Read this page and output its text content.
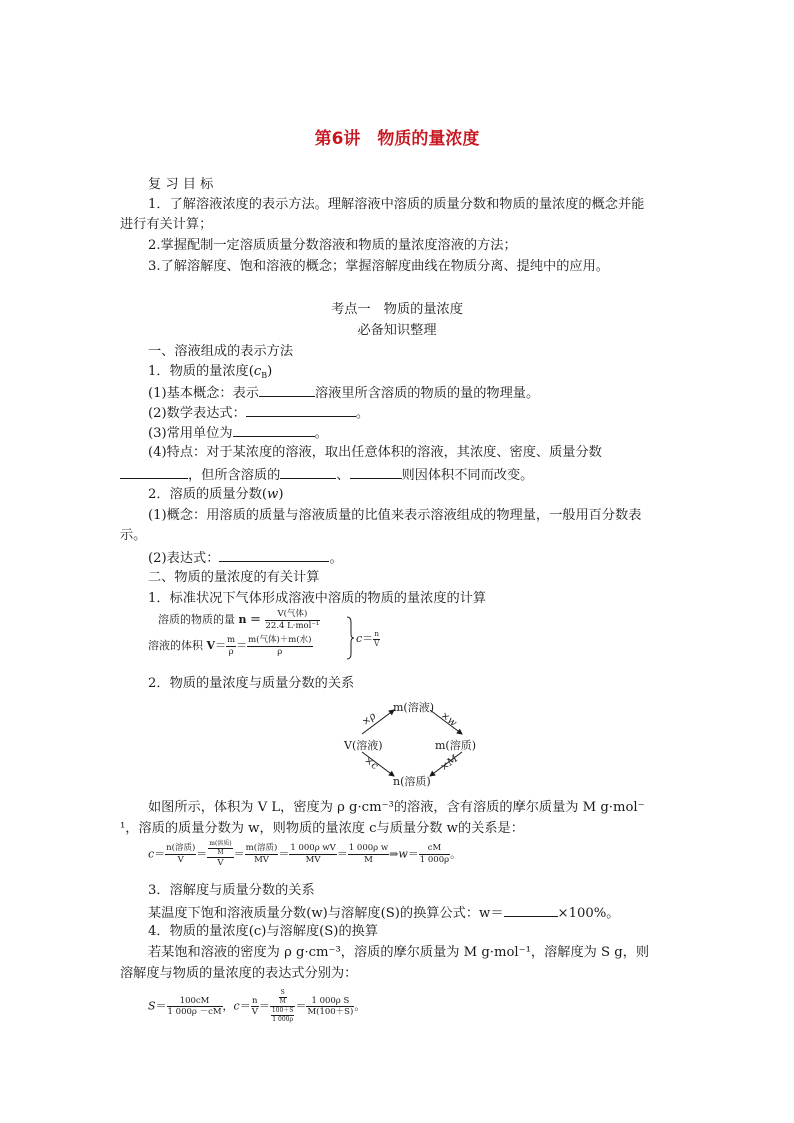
第6讲　物质的量浓度
复 习 目 标
1．了解溶液浓度的表示方法。理解溶液中溶质的质量分数和物质的量浓度的概念并能
进行有关计算；
2.掌握配制一定溶质质量分数溶液和物质的量浓度溶液的方法；
3.了解溶解度、饱和溶液的概念；掌握溶解度曲线在物质分离、提纯中的应用。
考点一　物质的量浓度
必备知识整理
一、溶液组成的表示方法
1．物质的量浓度$(c_B)$
(1)基本概念：表示	溶液里所含溶质的物质的量的物理量。
(2)数学表达式：	。
(3)常用单位为	。
(4)特点：对于某浓度的溶液，取出任意体积的溶液，其浓度、密度、质量分数
，但所含溶质的	、	则因体积不同而改变。
2．溶质的质量分数(w)
(1)概念：用溶质的质量与溶液质量的比值来表示溶液组成的物理量，一般用百分数表
示。
(2)表达式：	。
二、物质的量浓度的有关计算
1．标准状况下气体形成溶液中溶质的物质的量浓度的计算
溶质的物质的量 $n = \frac{\text{V(气体)}}{\text{22.4 L·mol⁻¹}}$
溶液的体积 $V= \frac{m}{\rho} = \frac{\text{m(气体)＋m(水)}}{\rho}$	$c= \frac{n}{V}$
2．物质的量浓度与质量分数的关系
m(溶液)
V(溶液)	m(溶质)
n(溶质)
×ρ	×w
×c	×M
如图所示，体积为 V L，密度为 ρ g·cm⁻³的溶液，含有溶质的摩尔质量为 M g·mol⁻
¹，溶质的质量分数为 w，则物质的量浓度 c与质量分数 w的关系是：
$c= \frac{\text{n(溶质)}}{V} = \frac{\frac{\text{m(溶质)}}{M}}{V} = \frac{\text{m(溶质)}}{MV} = \frac{\text{1 000ρ wV}}{MV} = \frac{\text{1 000ρ w}}{M}$ ⇒w＝ $\frac{cM}{1 000\rho}$ 。
3．溶解度与质量分数的关系
某温度下饱和溶液质量分数(w)与溶解度(S)的换算公式：w＝	×100%。
4．物质的量浓度(c)与溶解度(S)的换算
若某饱和溶液的密度为 ρ g·cm⁻³，溶质的摩尔质量为 M g·mol⁻¹，溶解度为 S g，则
溶解度与物质的量浓度的表达式分别为：
$S= \frac{100cM}{1 000\rho -cM}$ ，$c= \frac{n}{V} = \frac{\frac{S}{M}}{\frac{100+S}{1 000\rho}} = \frac{\text{1 000ρ S}}{M(100+S)}$ 。
